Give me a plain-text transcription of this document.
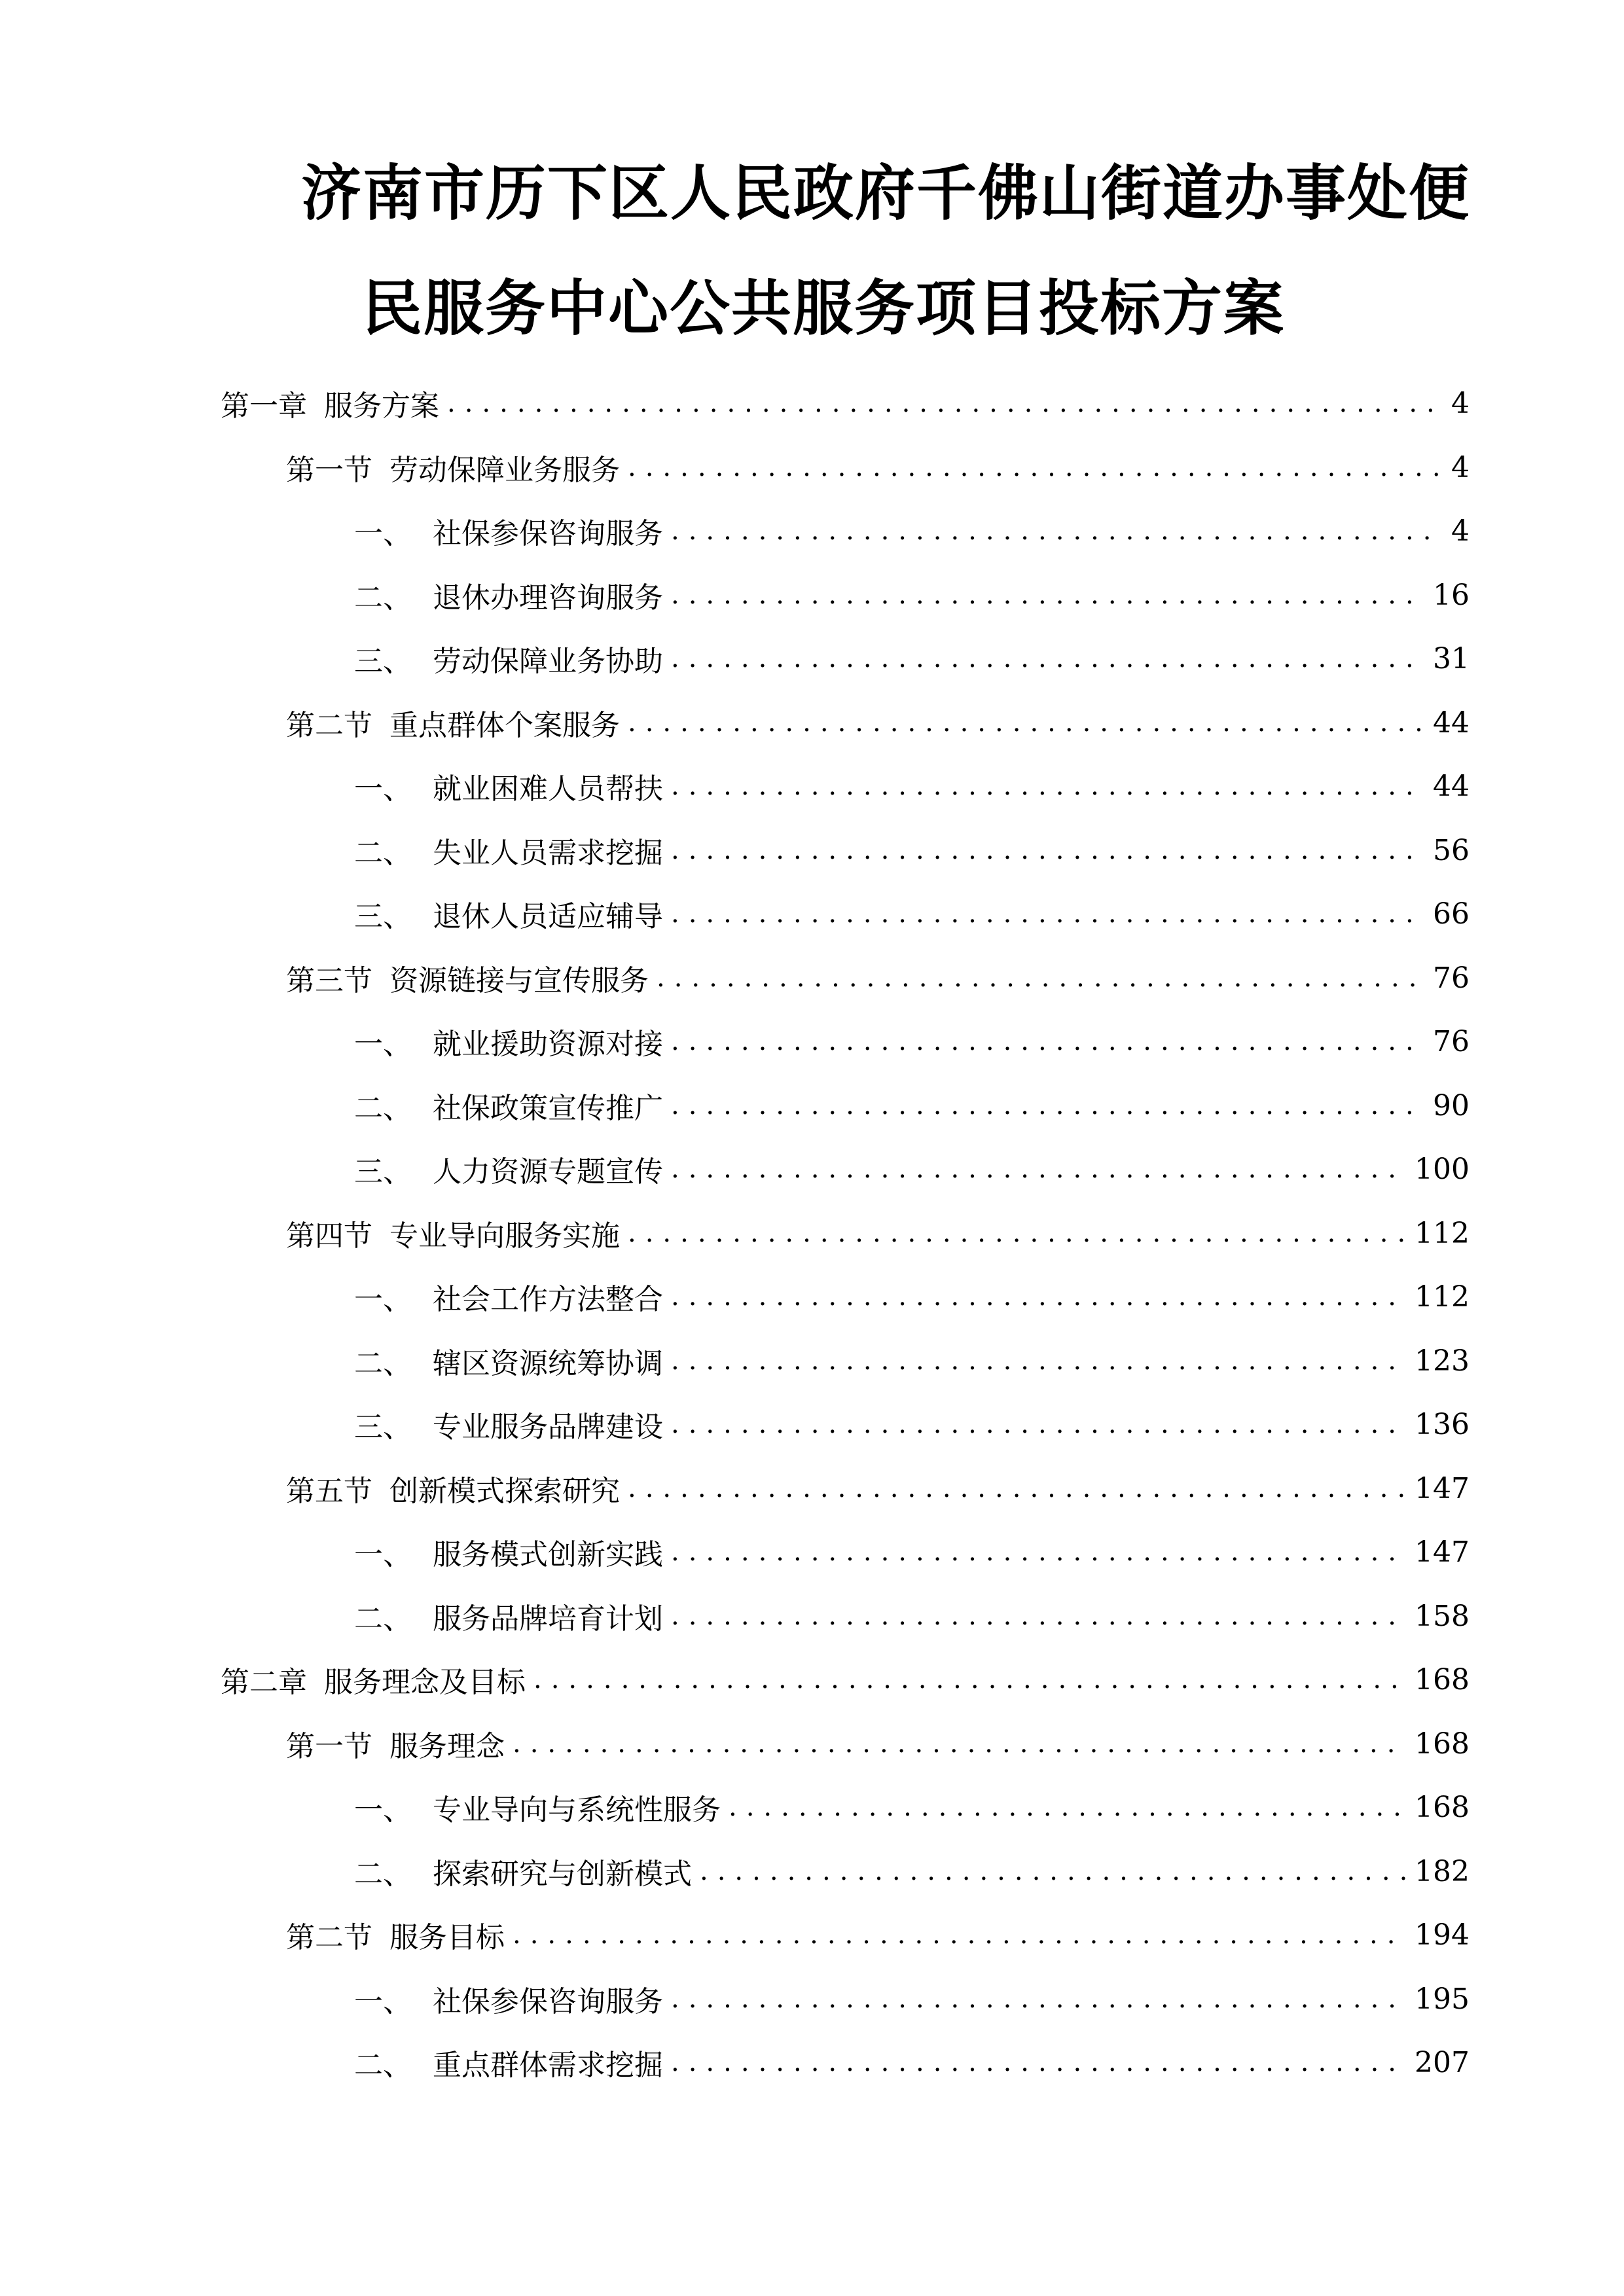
济南市历下区人民政府千佛山街道办事处便
民服务中心公共服务项目投标方案
第一章 服务方案 .....	4
第一节 劳动保障业务服务 .....	4
一、 社保参保咨询服务 .....	4
二、 退休办理咨询服务 .....	16
三、 劳动保障业务协助 .....	31
第二节 重点群体个案服务 .....	44
一、 就业困难人员帮扶 .....	44
二、 失业人员需求挖掘 .....	56
三、 退休人员适应辅导 .....	66
第三节 资源链接与宣传服务 .....	76
一、 就业援助资源对接 .....	76
二、 社保政策宣传推广 .....	90
三、 人力资源专题宣传 .....	100
第四节 专业导向服务实施 .....	112
一、 社会工作方法整合 .....	112
二、 辖区资源统筹协调 .....	123
三、 专业服务品牌建设 .....	136
第五节 创新模式探索研究 .....	147
一、 服务模式创新实践 .....	147
二、 服务品牌培育计划 .....	158
第二章 服务理念及目标 .....	168
第一节 服务理念 .....	168
一、 专业导向与系统性服务 .....	168
二、 探索研究与创新模式 .....	182
第二节 服务目标 .....	194
一、 社保参保咨询服务 .....	195
二、 重点群体需求挖掘 .....	207
